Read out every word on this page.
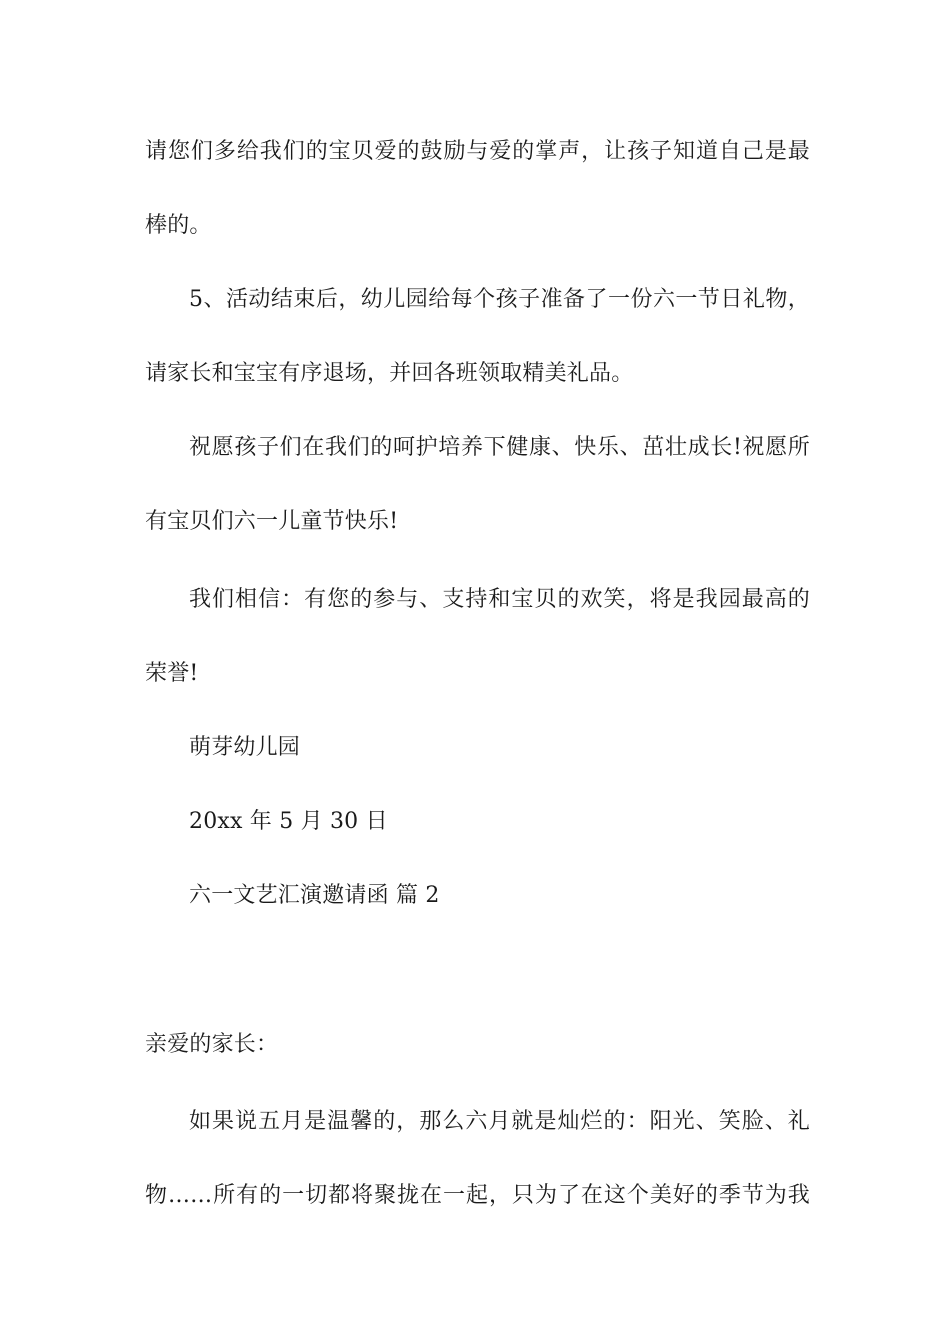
请您们多给我们的宝贝爱的鼓励与爱的掌声，让孩子知道自己是最
棒的。
5、活动结束后，幼儿园给每个孩子准备了一份六一节日礼物，
请家长和宝宝有序退场，并回各班领取精美礼品。
祝愿孩子们在我们的呵护培养下健康、快乐、茁壮成长!祝愿所
有宝贝们六一儿童节快乐!
我们相信：有您的参与、支持和宝贝的欢笑，将是我园最高的
荣誉!
萌芽幼儿园
20xx 年 5 月 30 日
六一文艺汇演邀请函 篇 2
亲爱的家长：
如果说五月是温馨的，那么六月就是灿烂的：阳光、笑脸、礼
物……所有的一切都将聚拢在一起，只为了在这个美好的季节为我
